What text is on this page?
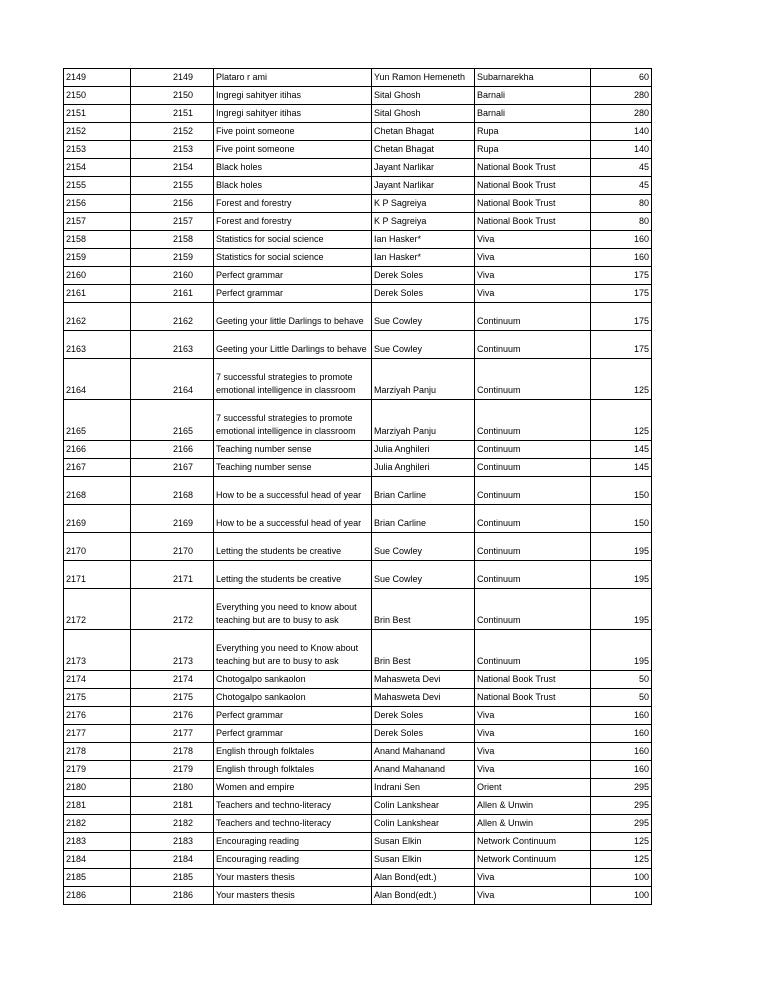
2149	2149	Plataro r ami	Yun Ramon Hemeneth	Subarnarekha	60
2150	2150	Ingregi sahityer itihas	Sital Ghosh	Barnali	280
2151	2151	Ingregi sahityer itihas	Sital Ghosh	Barnali	280
2152	2152	Five point someone	Chetan Bhagat	Rupa	140
2153	2153	Five point someone	Chetan Bhagat	Rupa	140
2154	2154	Black holes	Jayant Narlikar	National Book Trust	45
2155	2155	Black holes	Jayant Narlikar	National Book Trust	45
2156	2156	Forest and forestry	K P Sagreiya	National Book Trust	80
2157	2157	Forest and forestry	K P Sagreiya	National Book Trust	80
2158	2158	Statistics for social science	Ian Hasker*	Viva	160
2159	2159	Statistics for social science	Ian Hasker*	Viva	160
2160	2160	Perfect grammar	Derek Soles	Viva	175
2161	2161	Perfect grammar	Derek Soles	Viva	175
2162	2162	Geeting your little Darlings to behave	Sue Cowley	Continuum	175
2163	2163	Geeting your Little Darlings to behave	Sue Cowley	Continuum	175
2164	2164	7 successful strategies to promote emotional intelligence in classroom	Marziyah Panju	Continuum	125
2165	2165	7 successful strategies to promote emotional intelligence in classroom	Marziyah Panju	Continuum	125
2166	2166	Teaching number sense	Julia Anghileri	Continuum	145
2167	2167	Teaching number sense	Julia Anghileri	Continuum	145
2168	2168	How to be a successful head of year	Brian Carline	Continuum	150
2169	2169	How to be a successful head of year	Brian Carline	Continuum	150
2170	2170	Letting the students be creative	Sue Cowley	Continuum	195
2171	2171	Letting the students be creative	Sue Cowley	Continuum	195
2172	2172	Everything you need to know about teaching but are to busy to ask	Brin Best	Continuum	195
2173	2173	Everything you need to Know about teaching but are to busy to ask	Brin Best	Continuum	195
2174	2174	Chotogalpo sankaolon	Mahasweta Devi	National Book Trust	50
2175	2175	Chotogalpo sankaolon	Mahasweta Devi	National Book Trust	50
2176	2176	Perfect grammar	Derek Soles	Viva	160
2177	2177	Perfect grammar	Derek Soles	Viva	160
2178	2178	English through folktales	Anand Mahanand	Viva	160
2179	2179	English through folktales	Anand Mahanand	Viva	160
2180	2180	Women and empire	Indrani Sen	Orient	295
2181	2181	Teachers and techno-literacy	Colin Lankshear	Allen & Unwin	295
2182	2182	Teachers and techno-literacy	Colin Lankshear	Allen & Unwin	295
2183	2183	Encouraging reading	Susan Elkin	Network Continuum	125
2184	2184	Encouraging reading	Susan Elkin	Network Continuum	125
2185	2185	Your masters thesis	Alan Bond(edt.)	Viva	100
2186	2186	Your masters thesis	Alan Bond(edt.)	Viva	100
